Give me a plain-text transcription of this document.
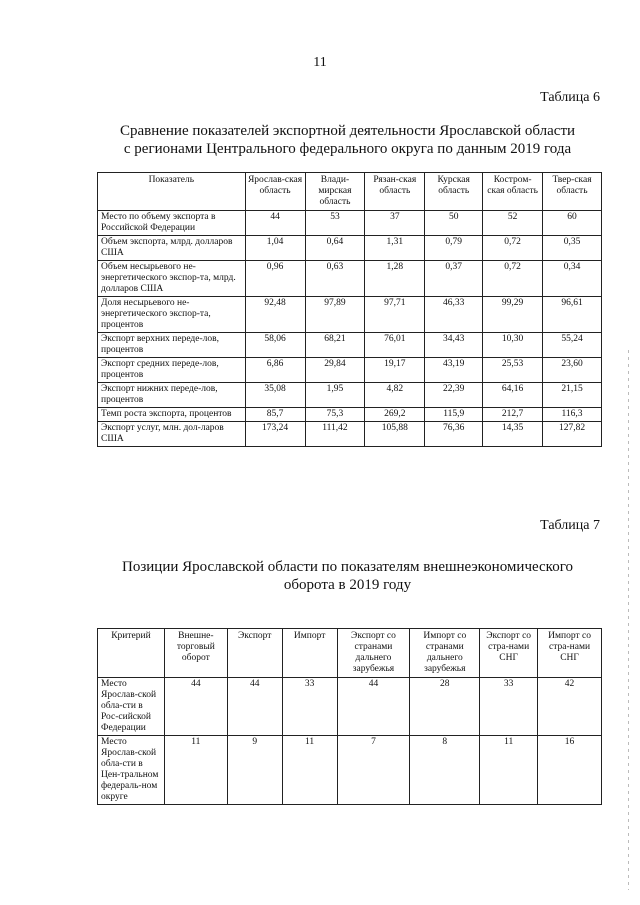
11
Таблица 6
Сравнение показателей экспортной деятельности Ярославской области
с регионами Центрального федерального округа по данным 2019 года
Показатель	Ярослав-ская область	Влади-мирская область	Рязан-ская область	Курская область	Костром-ская область	Твер-ская область
Место по объему экспорта в Российской Федерации	44	53	37	50	52	60
Объем экспорта, млрд. долларов США	1,04	0,64	1,31	0,79	0,72	0,35
Объем несырьевого не-энергетического экспор-та, млрд. долларов США	0,96	0,63	1,28	0,37	0,72	0,34
Доля несырьевого не-энергетического экспор-та, процентов	92,48	97,89	97,71	46,33	99,29	96,61
Экспорт верхних переде-лов, процентов	58,06	68,21	76,01	34,43	10,30	55,24
Экспорт средних переде-лов, процентов	6,86	29,84	19,17	43,19	25,53	23,60
Экспорт нижних переде-лов, процентов	35,08	1,95	4,82	22,39	64,16	21,15
Темп роста экспорта, процентов	85,7	75,3	269,2	115,9	212,7	116,3
Экспорт услуг, млн. дол-ларов США	173,24	111,42	105,88	76,36	14,35	127,82
Таблица 7
Позиции Ярославской области по показателям внешнеэкономического
оборота в 2019 году
Критерий	Внешне-торговый оборот	Экспорт	Импорт	Экспорт со странами дальнего зарубежья	Импорт со странами дальнего зарубежья	Экспорт со стра-нами СНГ	Импорт со стра-нами СНГ
Место Ярослав-ской обла-сти в Рос-сийской Федерации	44	44	33	44	28	33	42
Место Ярослав-ской обла-сти в Цен-тральном федераль-ном округе	11	9	11	7	8	11	16
